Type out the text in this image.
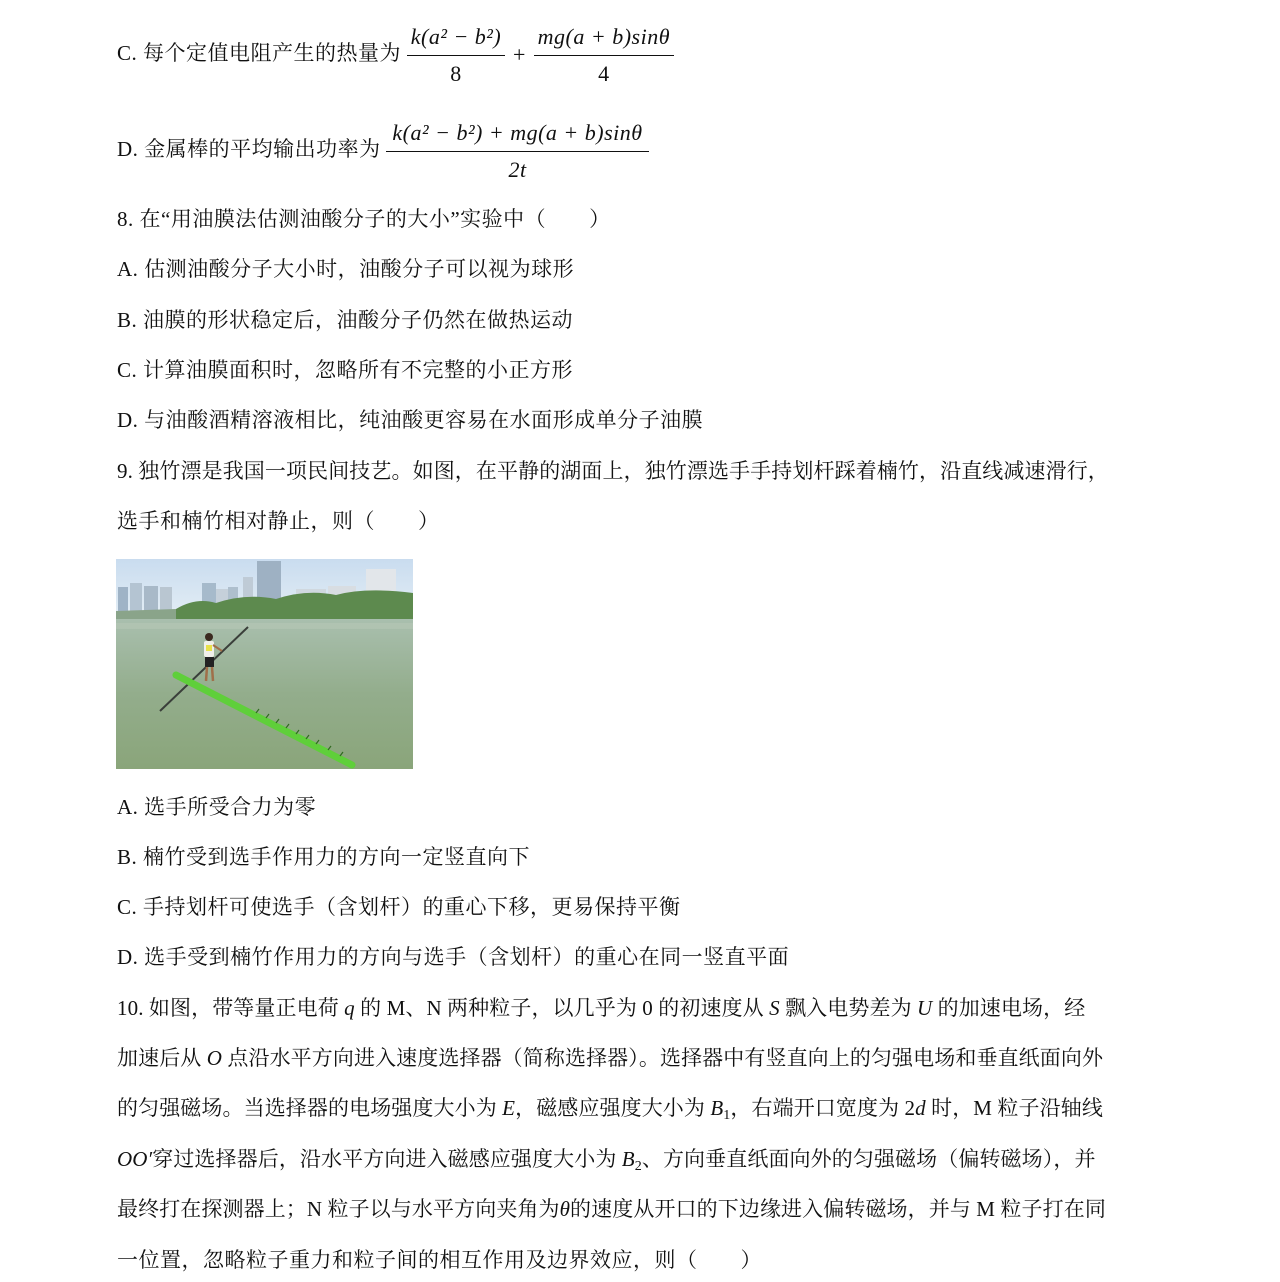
C. 每个定值电阻产生的热量为 $\frac{\text{k(a² − b²)}}{8} + \frac{mg(a + b)\sin\theta}{4}$
D. 金属棒的平均输出功率为 $\frac{\text{k(a² − b²) + mg(a + b)sinθ}}{2t}$
8. 在“用油膜法估测油酸分子的大小”实验中（　　）
A. 估测油酸分子大小时，油酸分子可以视为球形
B. 油膜的形状稳定后，油酸分子仍然在做热运动
C. 计算油膜面积时，忽略所有不完整的小正方形
D. 与油酸酒精溶液相比，纯油酸更容易在水面形成单分子油膜
9. 独竹漂是我国一项民间技艺。如图，在平静的湖面上，独竹漂选手手持划杆踩着楠竹，沿直线减速滑行，
选手和楠竹相对静止，则（　　）
A. 选手所受合力为零
B. 楠竹受到选手作用力的方向一定竖直向下
C. 手持划杆可使选手（含划杆）的重心下移，更易保持平衡
D. 选手受到楠竹作用力的方向与选手（含划杆）的重心在同一竖直平面
10. 如图，带等量正电荷 q 的 M、N 两种粒子，以几乎为 0 的初速度从 S 飘入电势差为 U 的加速电场，经
加速后从 O 点沿水平方向进入速度选择器（简称选择器）。选择器中有竖直向上的匀强电场和垂直纸面向外
的匀强磁场。当选择器的电场强度大小为 E，磁感应强度大小为 $B_1$，右端开口宽度为 2d 时，M 粒子沿轴线
OO′穿过选择器后，沿水平方向进入磁感应强度大小为 $B_2$、方向垂直纸面向外的匀强磁场（偏转磁场），并
最终打在探测器上；N 粒子以与水平方向夹角为θ的速度从开口的下边缘进入偏转磁场，并与 M 粒子打在同
一位置，忽略粒子重力和粒子间的相互作用及边界效应，则（　　）
